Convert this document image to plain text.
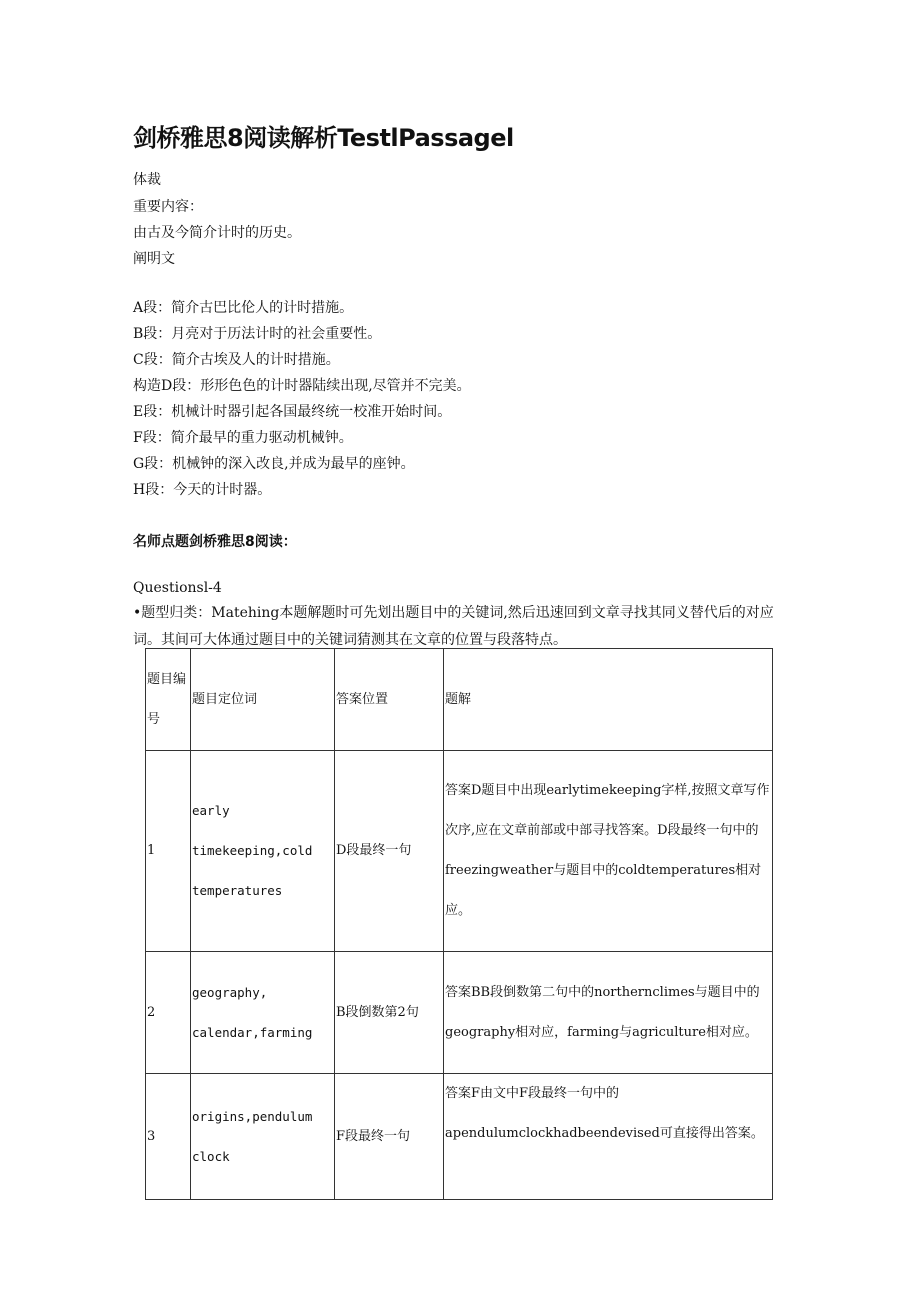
剑桥雅思8阅读解析TestlPassagel
体裁
重要内容：
由古及今简介计时的历史。
阐明文
A段：简介古巴比伦人的计时措施。
B段：月亮对于历法计时的社会重要性。
C段：简介古埃及人的计时措施。
构造D段：形形色色的计时器陆续出现,尽管并不完美。
E段：机械计时器引起各国最终统一校准开始时间。
F段：简介最早的重力驱动机械钟。
G段：机械钟的深入改良,并成为最早的座钟。
H段：今天的计时器。
名师点题剑桥雅思8阅读：
Questionsl-4
•题型归类：Matehing本题解题时可先划出题目中的关键词,然后迅速回到文章寻找其同义替代后的对应词。其间可大体通过题目中的关键词猜测其在文章的位置与段落特点。
题目编号	题目定位词	答案位置	题解
1	early timekeeping,cold temperatures	D段最终一句	答案D题目中出现earlytimekeeping字样,按照文章写作次序,应在文章前部或中部寻找答案。D段最终一句中的freezingweather与题目中的coldtemperatures相对应。
2	geography, calendar,farming	B段倒数第2句	答案BB段倒数第二句中的northernclimes与题目中的geography相对应，farming与agriculture相对应。
3	origins,pendulum clock	F段最终一句	答案F由文中F段最终一句中的apendulumclockhadbeendevised可直接得出答案。
